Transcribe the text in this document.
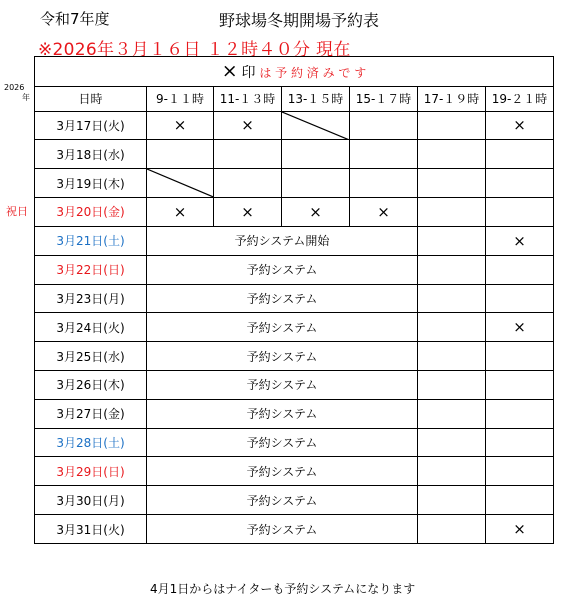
令和7年度	野球場冬期開場予約表
※2026年３月１６日 １２時４０分 現在
2026
年
祝日
× 印 は 予 約 済 み で す						
日時	9-１１時	11-１３時	13-１５時	15-１７時	17-１９時	19-２１時
3月17日(火)	×	×				×
3月18日(水)						
3月19日(木)	

3月20日(金)	×	×	×	×		
3月21日(土)	予約システム開始					×
3月22日(日)	予約システム					
3月23日(月)	予約システム					
3月24日(火)	予約システム					×
3月25日(水)	予約システム					
3月26日(木)	予約システム					
3月27日(金)	予約システム					
3月28日(土)	予約システム					
3月29日(日)	予約システム					
3月30日(月)	予約システム					
3月31日(火)	予約システム					×
4月1日からはナイターも予約システムになります
